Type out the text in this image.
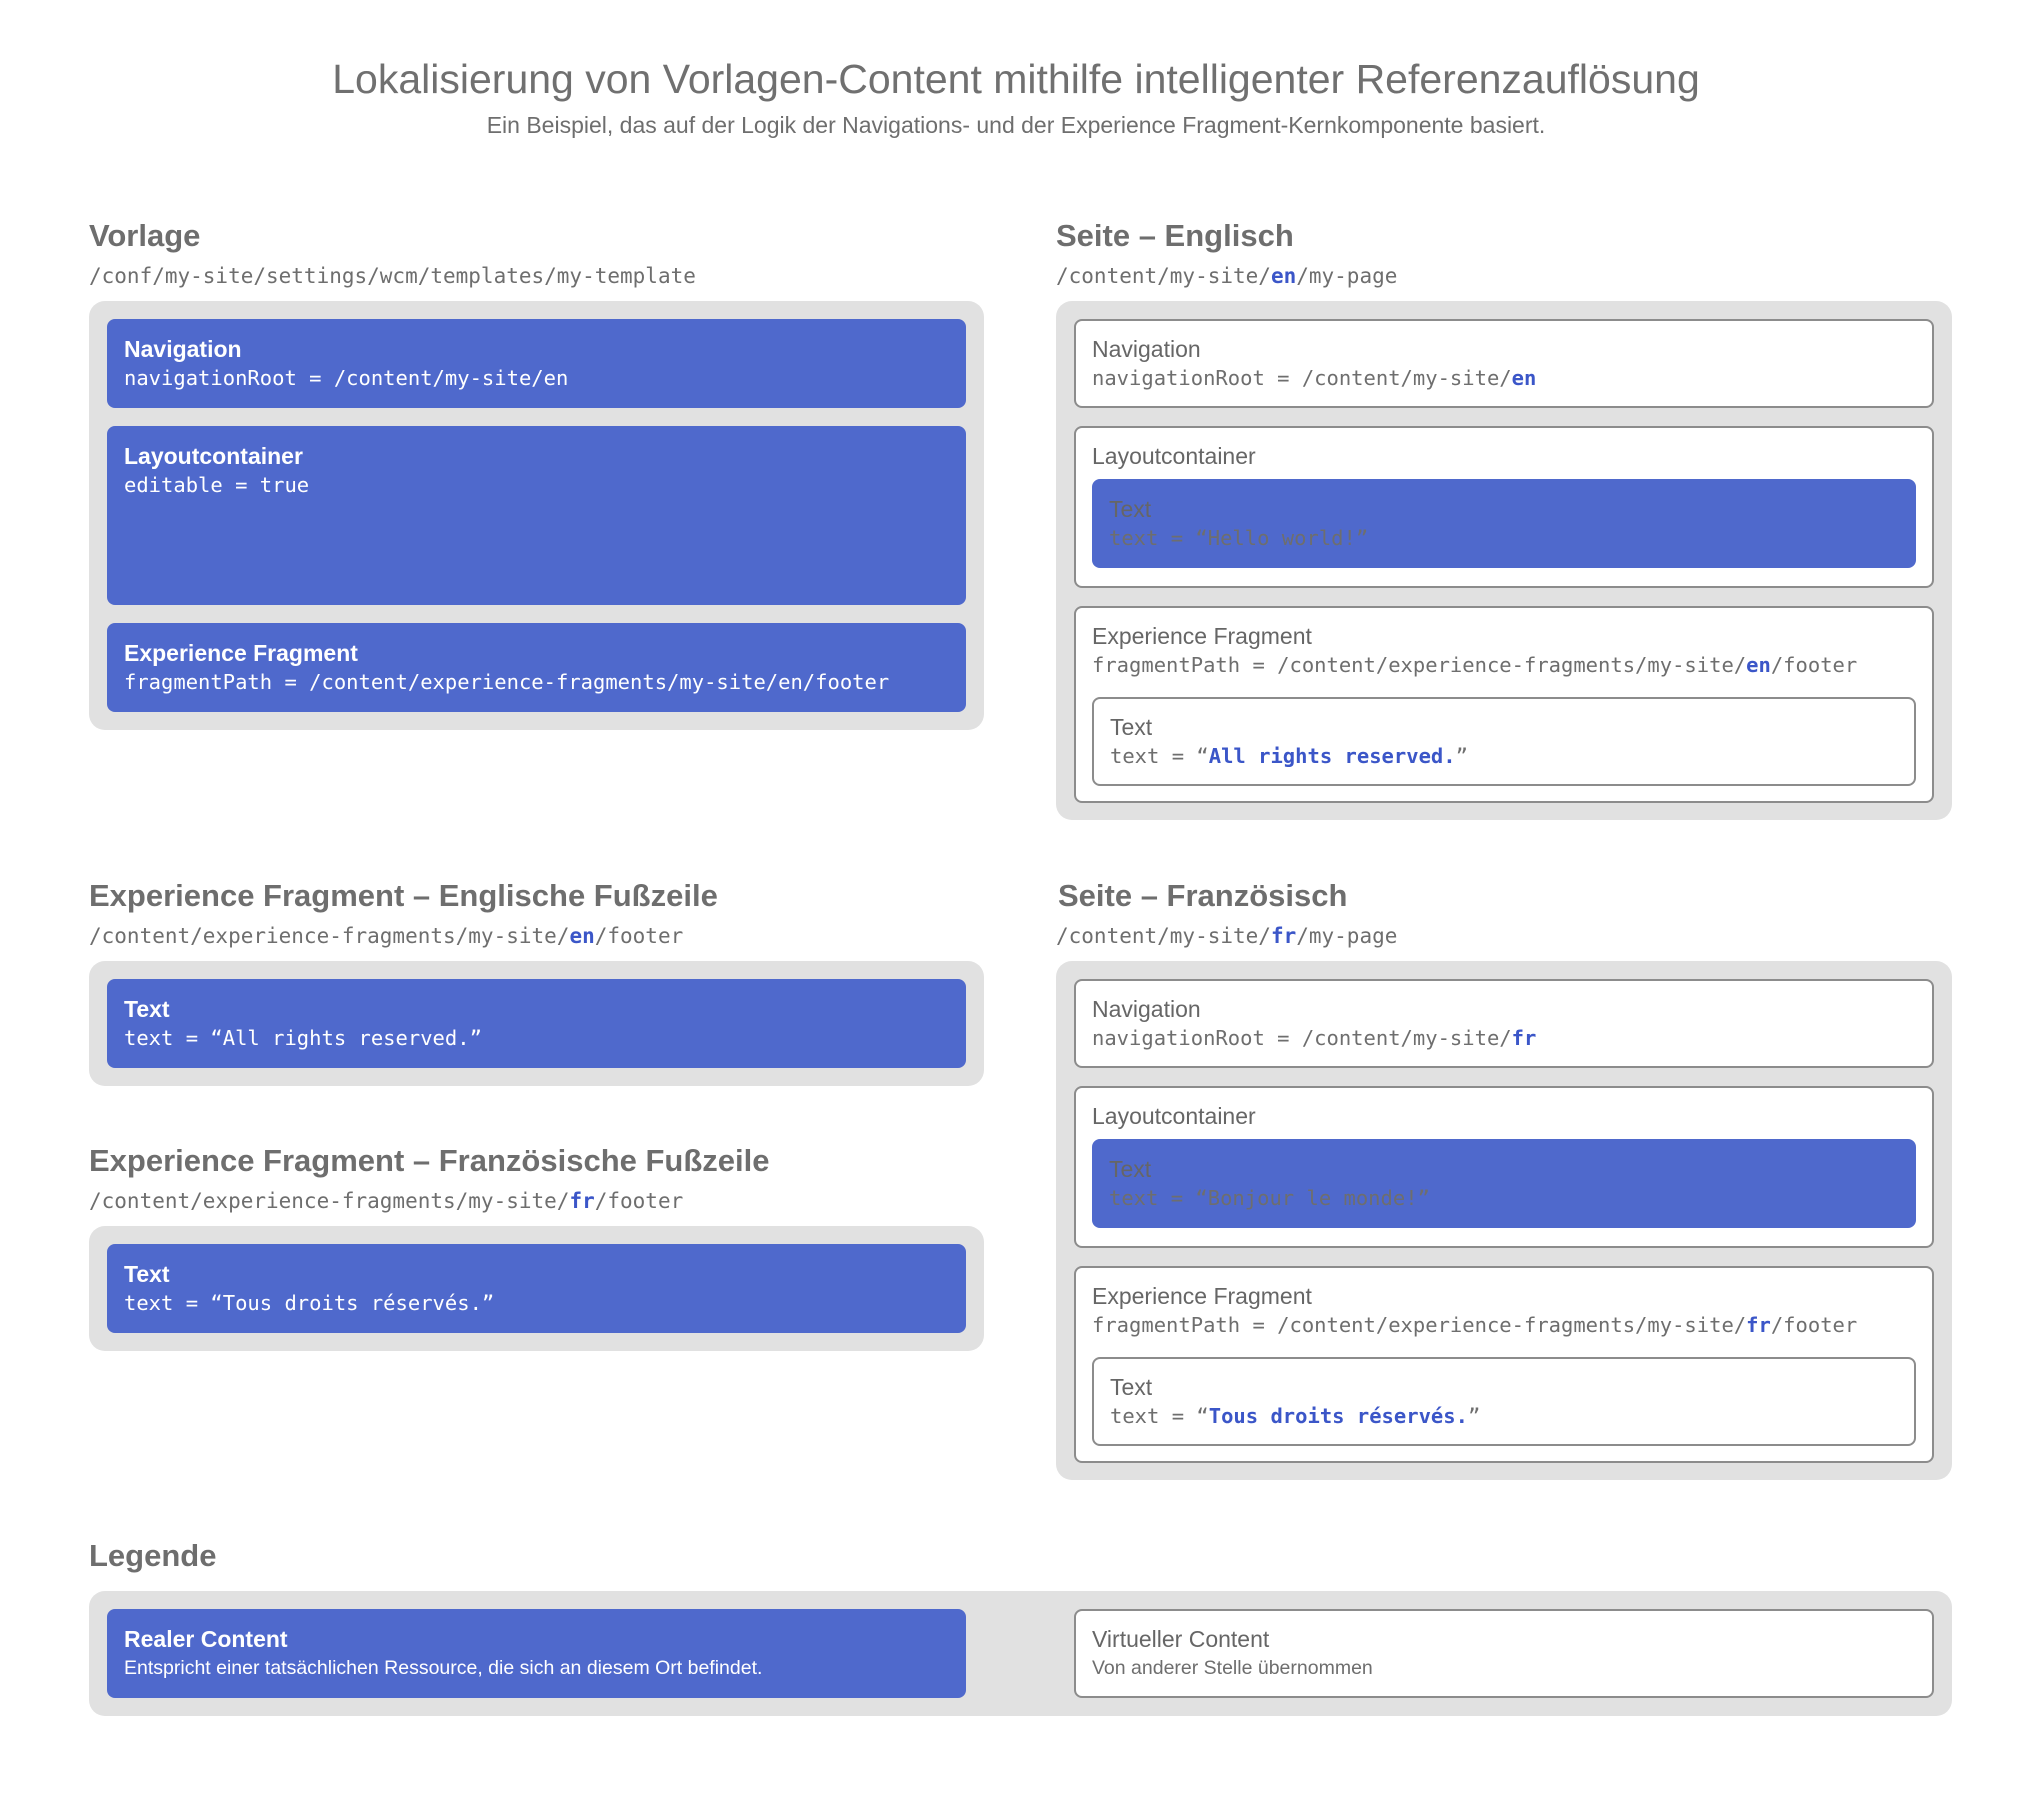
Lokalisierung von Vorlagen-Content mithilfe intelligenter Referenzauflösung
Ein Beispiel, das auf der Logik der Navigations- und der Experience Fragment-Kernkomponente basiert.
Vorlage
/conf/my-site/settings/wcm/templates/my-template
Navigation
navigationRoot = /content/my-site/en
Layoutcontainer
editable = true
Experience Fragment
fragmentPath = /content/experience-fragments/my-site/en/footer
Seite – Englisch
/content/my-site/en/my-page
Navigation
navigationRoot = /content/my-site/en
Layoutcontainer
Text
text = “Hello world!”
Experience Fragment
fragmentPath = /content/experience-fragments/my-site/en/footer
Text
text = “All rights reserved.”
Experience Fragment – Englische Fußzeile
/content/experience-fragments/my-site/en/footer
Text
text = “All rights reserved.”
Experience Fragment – Französische Fußzeile
/content/experience-fragments/my-site/fr/footer
Text
text = “Tous droits réservés.”
Seite – Französisch
/content/my-site/fr/my-page
Navigation
navigationRoot = /content/my-site/fr
Layoutcontainer
Text
text = “Bonjour le monde!”
Experience Fragment
fragmentPath = /content/experience-fragments/my-site/fr/footer
Text
text = “Tous droits réservés.”
Legende
Realer Content
Entspricht einer tatsächlichen Ressource, die sich an diesem Ort befindet.
Virtueller Content
Von anderer Stelle übernommen
